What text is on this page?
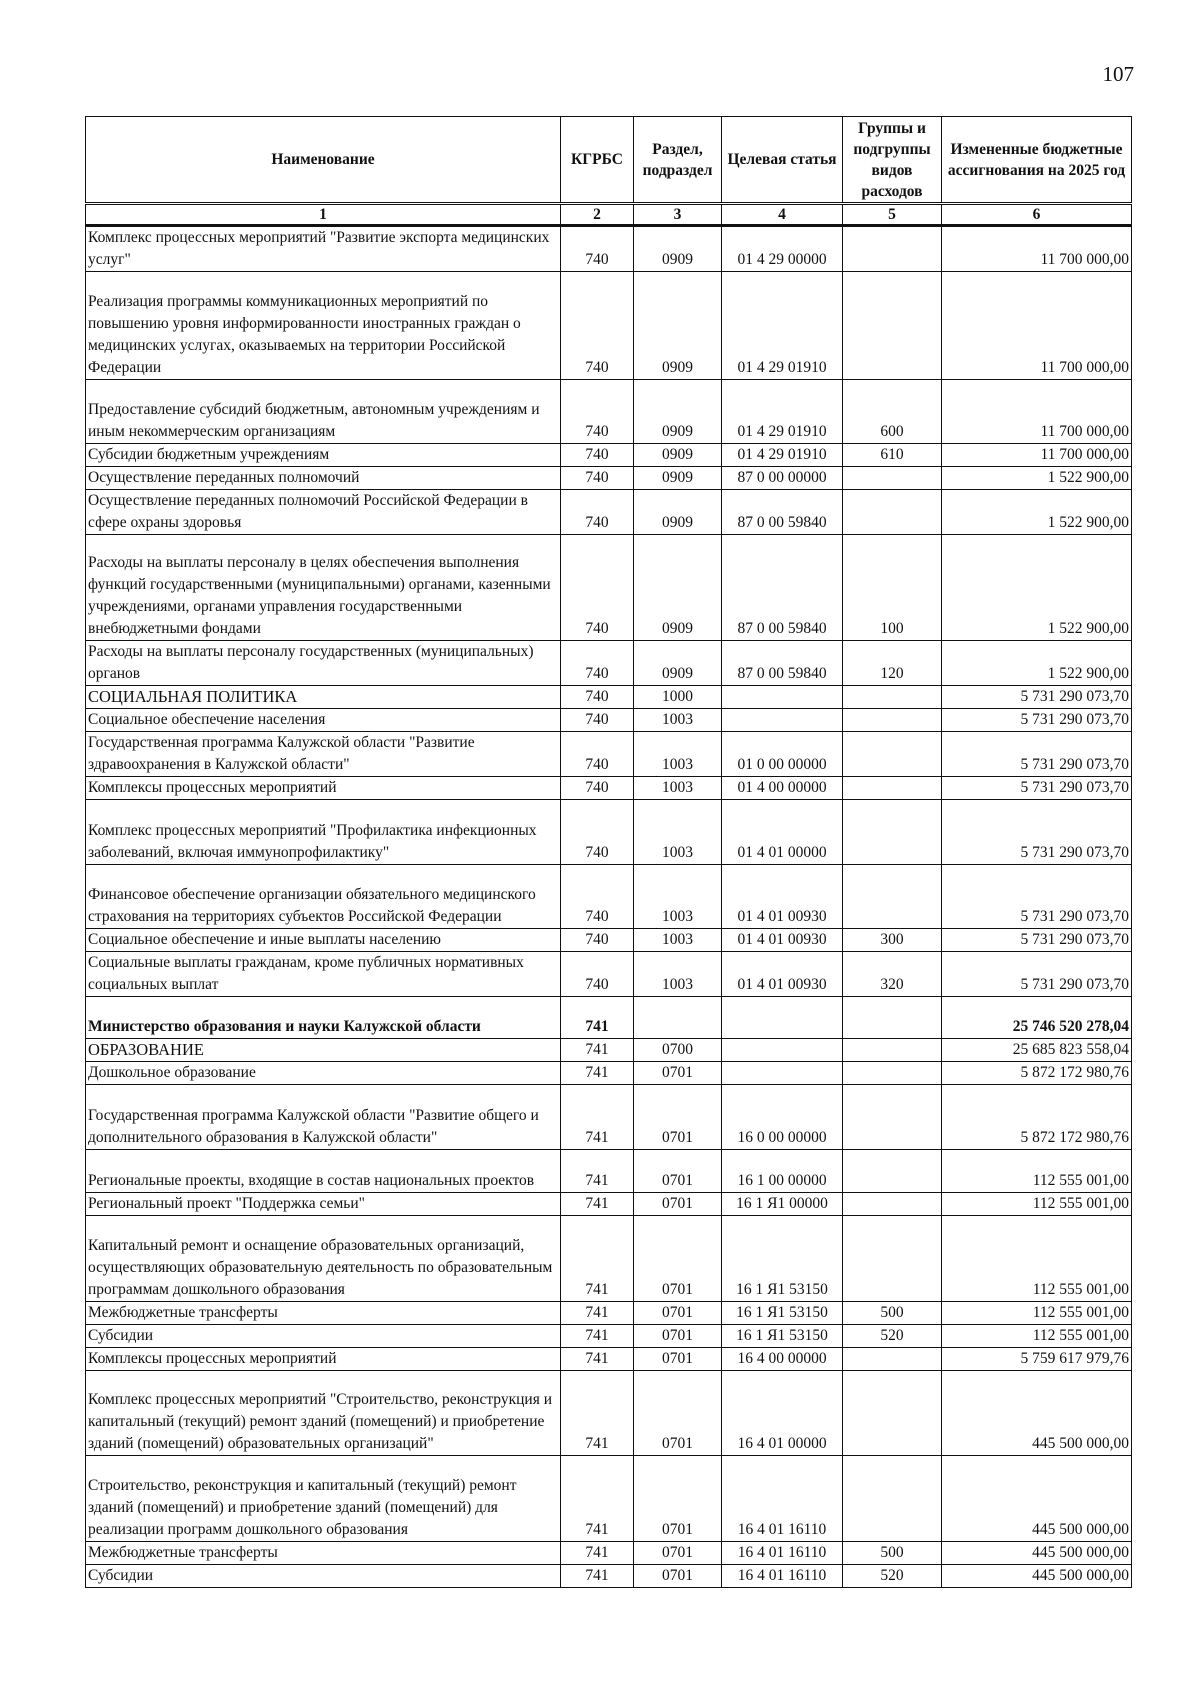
107
Наименование	КГРБС	Раздел, подраздел	Целевая статья	Группы и подгруппы видов расходов	Измененные бюджетные ассигнования на 2025 год
1	2	3	4	5	6
Комплекс процессных мероприятий "Развитие экспорта медицинских услуг"	740	0909	01 4 29 00000		11 700 000,00
Реализация программы коммуникационных мероприятий по повышению уровня информированности иностранных граждан о медицинских услугах, оказываемых на территории Российской Федерации	740	0909	01 4 29 01910		11 700 000,00
Предоставление субсидий бюджетным, автономным учреждениям и иным некоммерческим организациям	740	0909	01 4 29 01910	600	11 700 000,00
Субсидии бюджетным учреждениям	740	0909	01 4 29 01910	610	11 700 000,00
Осуществление переданных полномочий	740	0909	87 0 00 00000		1 522 900,00
Осуществление переданных полномочий Российской Федерации в сфере охраны здоровья	740	0909	87 0 00 59840		1 522 900,00
Расходы на выплаты персоналу в целях обеспечения выполнения функций государственными (муниципальными) органами, казенными учреждениями, органами управления государственными внебюджетными фондами	740	0909	87 0 00 59840	100	1 522 900,00
Расходы на выплаты персоналу государственных (муниципальных) органов	740	0909	87 0 00 59840	120	1 522 900,00
СОЦИАЛЬНАЯ ПОЛИТИКА	740	1000			5 731 290 073,70
Социальное обеспечение населения	740	1003			5 731 290 073,70
Государственная программа Калужской области "Развитие здравоохранения в Калужской области"	740	1003	01 0 00 00000		5 731 290 073,70
Комплексы процессных мероприятий	740	1003	01 4 00 00000		5 731 290 073,70
Комплекс процессных мероприятий "Профилактика инфекционных заболеваний, включая иммунопрофилактику"	740	1003	01 4 01 00000		5 731 290 073,70
Финансовое обеспечение организации обязательного медицинского страхования на территориях субъектов Российской Федерации	740	1003	01 4 01 00930		5 731 290 073,70
Социальное обеспечение и иные выплаты населению	740	1003	01 4 01 00930	300	5 731 290 073,70
Социальные выплаты гражданам, кроме публичных нормативных социальных выплат	740	1003	01 4 01 00930	320	5 731 290 073,70
Министерство образования и науки Калужской области	741				25 746 520 278,04
ОБРАЗОВАНИЕ	741	0700			25 685 823 558,04
Дошкольное образование	741	0701			5 872 172 980,76
Государственная программа Калужской области "Развитие общего и дополнительного образования в Калужской области"	741	0701	16 0 00 00000		5 872 172 980,76
Региональные проекты, входящие в состав национальных проектов	741	0701	16 1 00 00000		112 555 001,00
Региональный проект "Поддержка семьи"	741	0701	16 1 Я1 00000		112 555 001,00
Капитальный ремонт и оснащение образовательных организаций, осуществляющих образовательную деятельность по образовательным программам дошкольного образования	741	0701	16 1 Я1 53150		112 555 001,00
Межбюджетные трансферты	741	0701	16 1 Я1 53150	500	112 555 001,00
Субсидии	741	0701	16 1 Я1 53150	520	112 555 001,00
Комплексы процессных мероприятий	741	0701	16 4 00 00000		5 759 617 979,76
Комплекс процессных мероприятий "Строительство, реконструкция и капитальный (текущий) ремонт зданий (помещений) и приобретение зданий (помещений) образовательных организаций"	741	0701	16 4 01 00000		445 500 000,00
Строительство, реконструкция и капитальный (текущий) ремонт зданий (помещений) и приобретение зданий (помещений) для реализации программ дошкольного образования	741	0701	16 4 01 16110		445 500 000,00
Межбюджетные трансферты	741	0701	16 4 01 16110	500	445 500 000,00
Субсидии	741	0701	16 4 01 16110	520	445 500 000,00
